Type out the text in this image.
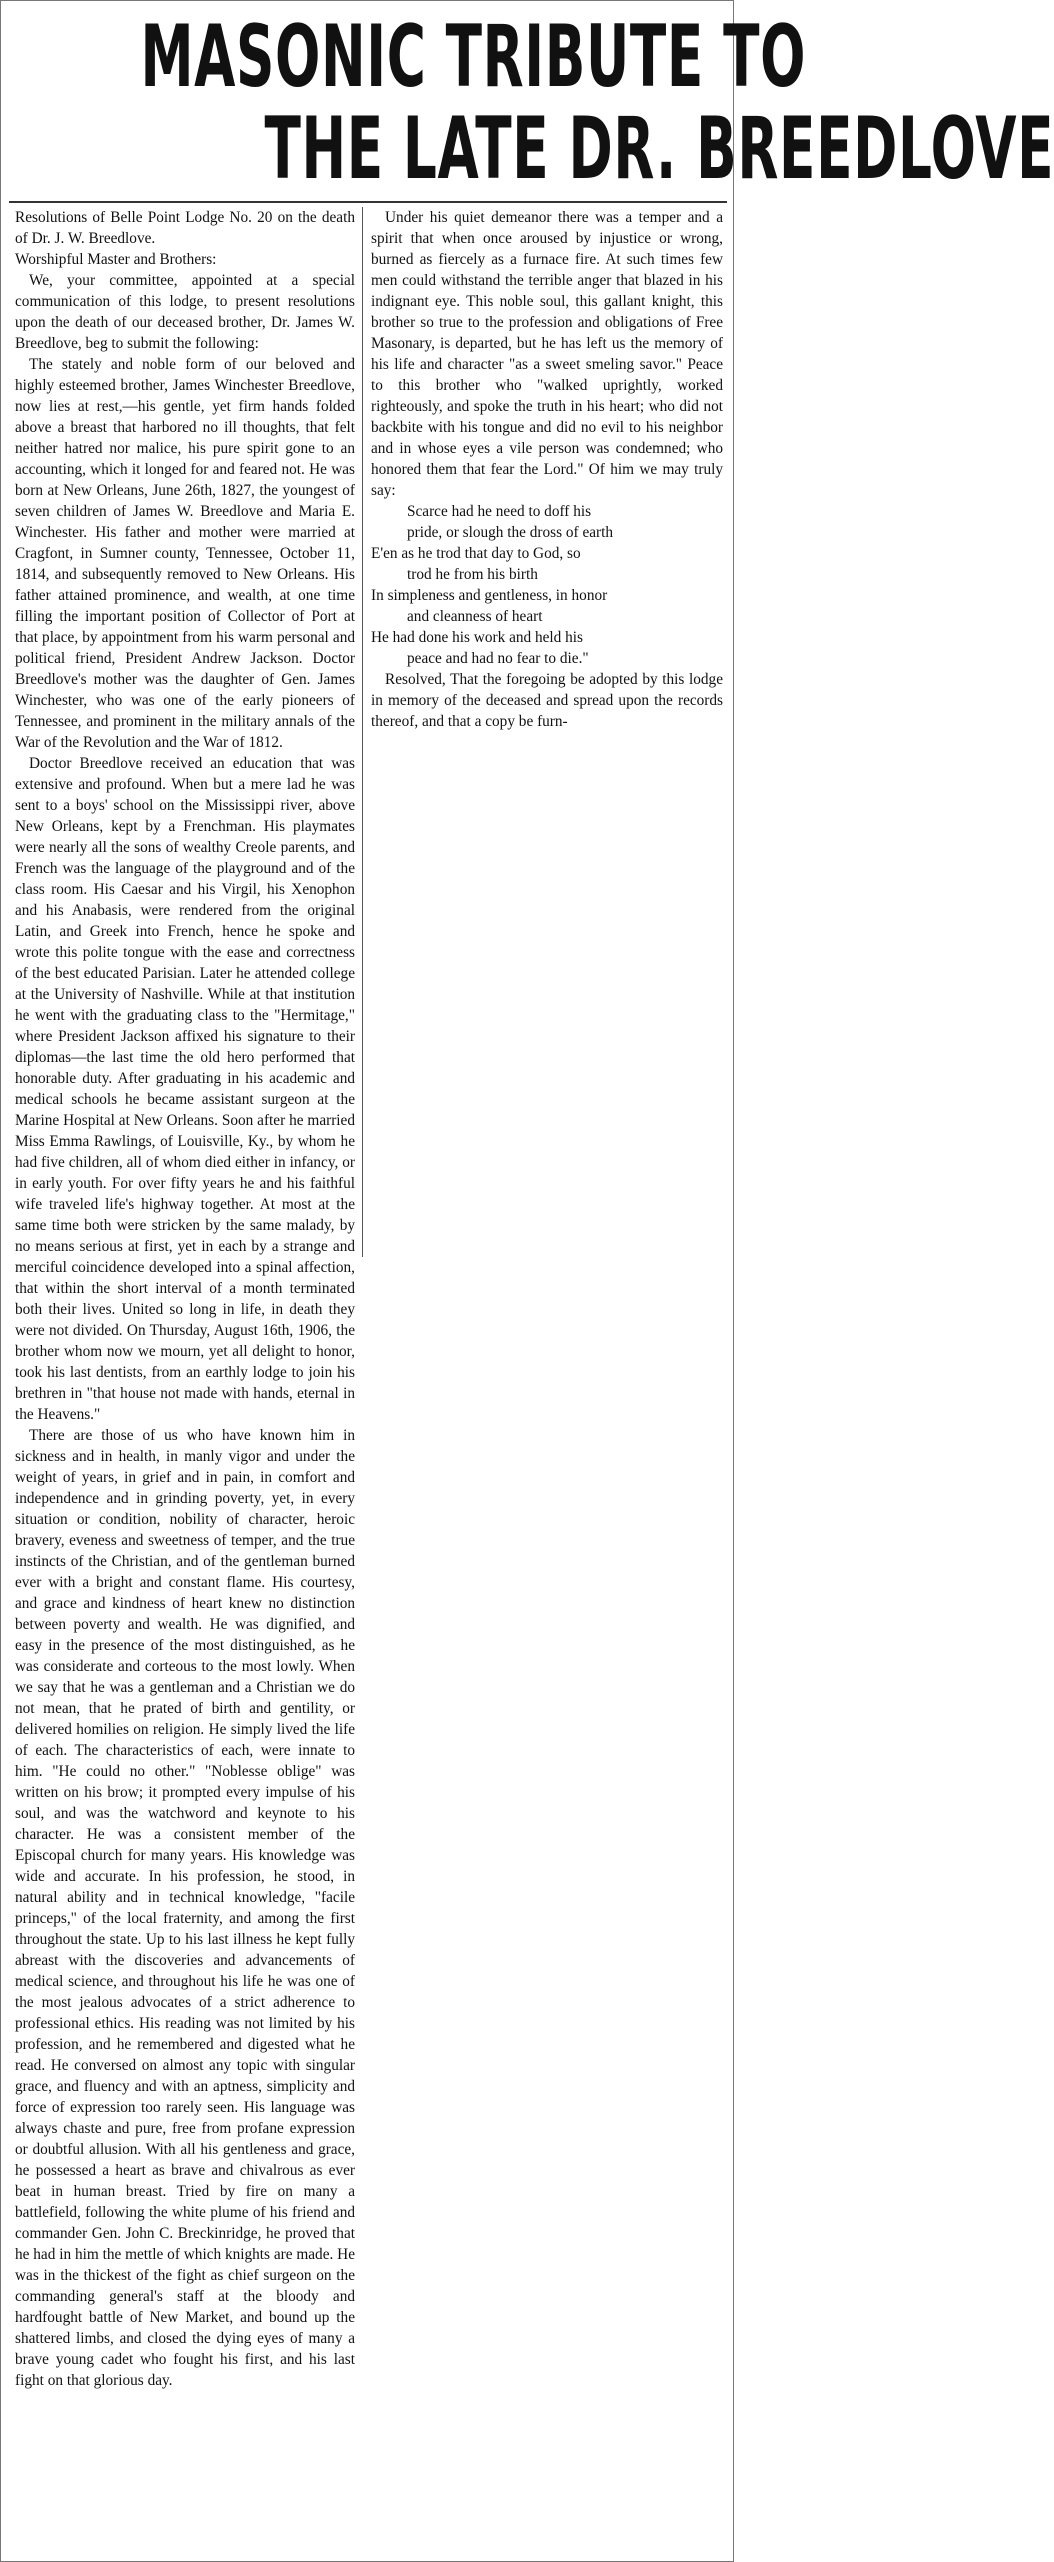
MASONIC TRIBUTE TO
THE LATE DR. BREEDLOVE

Resolutions of Belle Point Lodge No. 20 on the death of Dr. J. W. Breedlove.

Worshipful Master and Brothers:

We, your committee, appointed at a special communication of this lodge, to present resolutions upon the death of our deceased brother, Dr. James W. Breedlove, beg to submit the following:

The stately and noble form of our beloved and highly esteemed brother, James Winchester Breedlove, now lies at rest,—his gentle, yet firm hands folded above a breast that harbored no ill thoughts, that felt neither hatred nor malice, his pure spirit gone to an accounting, which it longed for and feared not. He was born at New Orleans, June 26th, 1827, the youngest of seven children of James W. Breedlove and Maria E. Winchester. His father and mother were married at Cragfont, in Sumner county, Tennessee, October 11, 1814, and subsequently removed to New Orleans. His father attained prominence, and wealth, at one time filling the important position of Collector of Port at that place, by appointment from his warm personal and political friend, President Andrew Jackson. Doctor Breedlove's mother was the daughter of Gen. James Winchester, who was one of the early pioneers of Tennessee, and prominent in the military annals of the War of the Revolution and the War of 1812.

Doctor Breedlove received an education that was extensive and profound. When but a mere lad he was sent to a boys' school on the Mississippi river, above New Orleans, kept by a Frenchman. His playmates were nearly all the sons of wealthy Creole parents, and French was the language of the playground and of the class room. His Caesar and his Virgil, his Xenophon and his Anabasis, were rendered from the original Latin, and Greek into French, hence he spoke and wrote this polite tongue with the ease and correctness of the best educated Parisian. Later he attended college at the University of Nashville. While at that institution he went with the graduating class to the "Hermitage," where President Jackson affixed his signature to their diplomas—the last time the old hero performed that honorable duty. After graduating in his academic and medical schools he became assistant surgeon at the Marine Hospital at New Orleans. Soon after he married Miss Emma Rawlings, of Louisville, Ky., by whom he had five children, all of whom died either in infancy, or in early youth. For over fifty years he and his faithful wife traveled life's highway together. At most at the same time both were stricken by the same malady, by no means serious at first, yet in each by a strange and merciful coincidence developed into a spinal affection, that within the short interval of a month terminated both their lives. United so long in life, in death they were not divided. On Thursday, August 16th, 1906, the brother whom now we mourn, yet all delight to honor, took his last dentists, from an earthly lodge to join his brethren in "that house not made with hands, eternal in the Heavens."

There are those of us who have known him in sickness and in health, in manly vigor and under the weight of years, in grief and in pain, in comfort and independence and in grinding poverty, yet, in every situation or condition, nobility of character, heroic bravery, eveness and sweetness of temper, and the true instincts of the Christian, and of the gentleman burned ever with a bright and constant flame. His courtesy, and grace and kindness of heart knew no distinction between poverty and wealth. He was dignified, and easy in the presence of the most distinguished, as he was considerate and corteous to the most lowly. When we say that he was a gentleman and a Christian we do not mean, that he prated of birth and gentility, or delivered homilies on religion. He simply lived the life of each. The characteristics of each, were innate to him. "He could no other." "Noblesse oblige" was written on his brow; it prompted every impulse of his soul, and was the watchword and keynote to his character. He was a consistent member of the Episcopal church for many years. His knowledge was wide and accurate. In his profession, he stood, in natural ability and in technical knowledge, "facile princeps," of the local fraternity, and among the first throughout the state. Up to his last illness he kept fully abreast with the discoveries and advancements of medical science, and throughout his life he was one of the most jealous advocates of a strict adherence to professional ethics. His reading was not limited by his profession, and he remembered and digested what he read. He conversed on almost any topic with singular grace, and fluency and with an aptness, simplicity and force of expression too rarely seen. His language was always chaste and pure, free from profane expression or doubtful allusion. With all his gentleness and grace, he possessed a heart as brave and chivalrous as ever beat in human breast. Tried by fire on many a battlefield, following the white plume of his friend and commander Gen. John C. Breckinridge, he proved that he had in him the mettle of which knights are made. He was in the thickest of the fight as chief surgeon on the commanding general's staff at the bloody and hardfought battle of New Market, and bound up the shattered limbs, and closed the dying eyes of many a brave young cadet who fought his first, and his last fight on that glorious day.

Under his quiet demeanor there was a temper and a spirit that when once aroused by injustice or wrong, burned as fiercely as a furnace fire. At such times few men could withstand the terrible anger that blazed in his indignant eye. This noble soul, this gallant knight, this brother so true to the profession and obligations of Free Masonary, is departed, but he has left us the memory of his life and character "as a sweet smeling savor." Peace to this brother who "walked uprightly, worked righteously, and spoke the truth in his heart; who did not backbite with his tongue and did no evil to his neighbor and in whose eyes a vile person was condemned; who honored them that fear the Lord." Of him we may truly say:

Scarce had he need to doff his

pride, or slough the dross of earth

E'en as he trod that day to God, so

trod he from his birth

In simpleness and gentleness, in honor

and cleanness of heart

He had done his work and held his

peace and had no fear to die."

Resolved, That the foregoing be adopted by this lodge in memory of the deceased and spread upon the records thereof, and that a copy be furn-
